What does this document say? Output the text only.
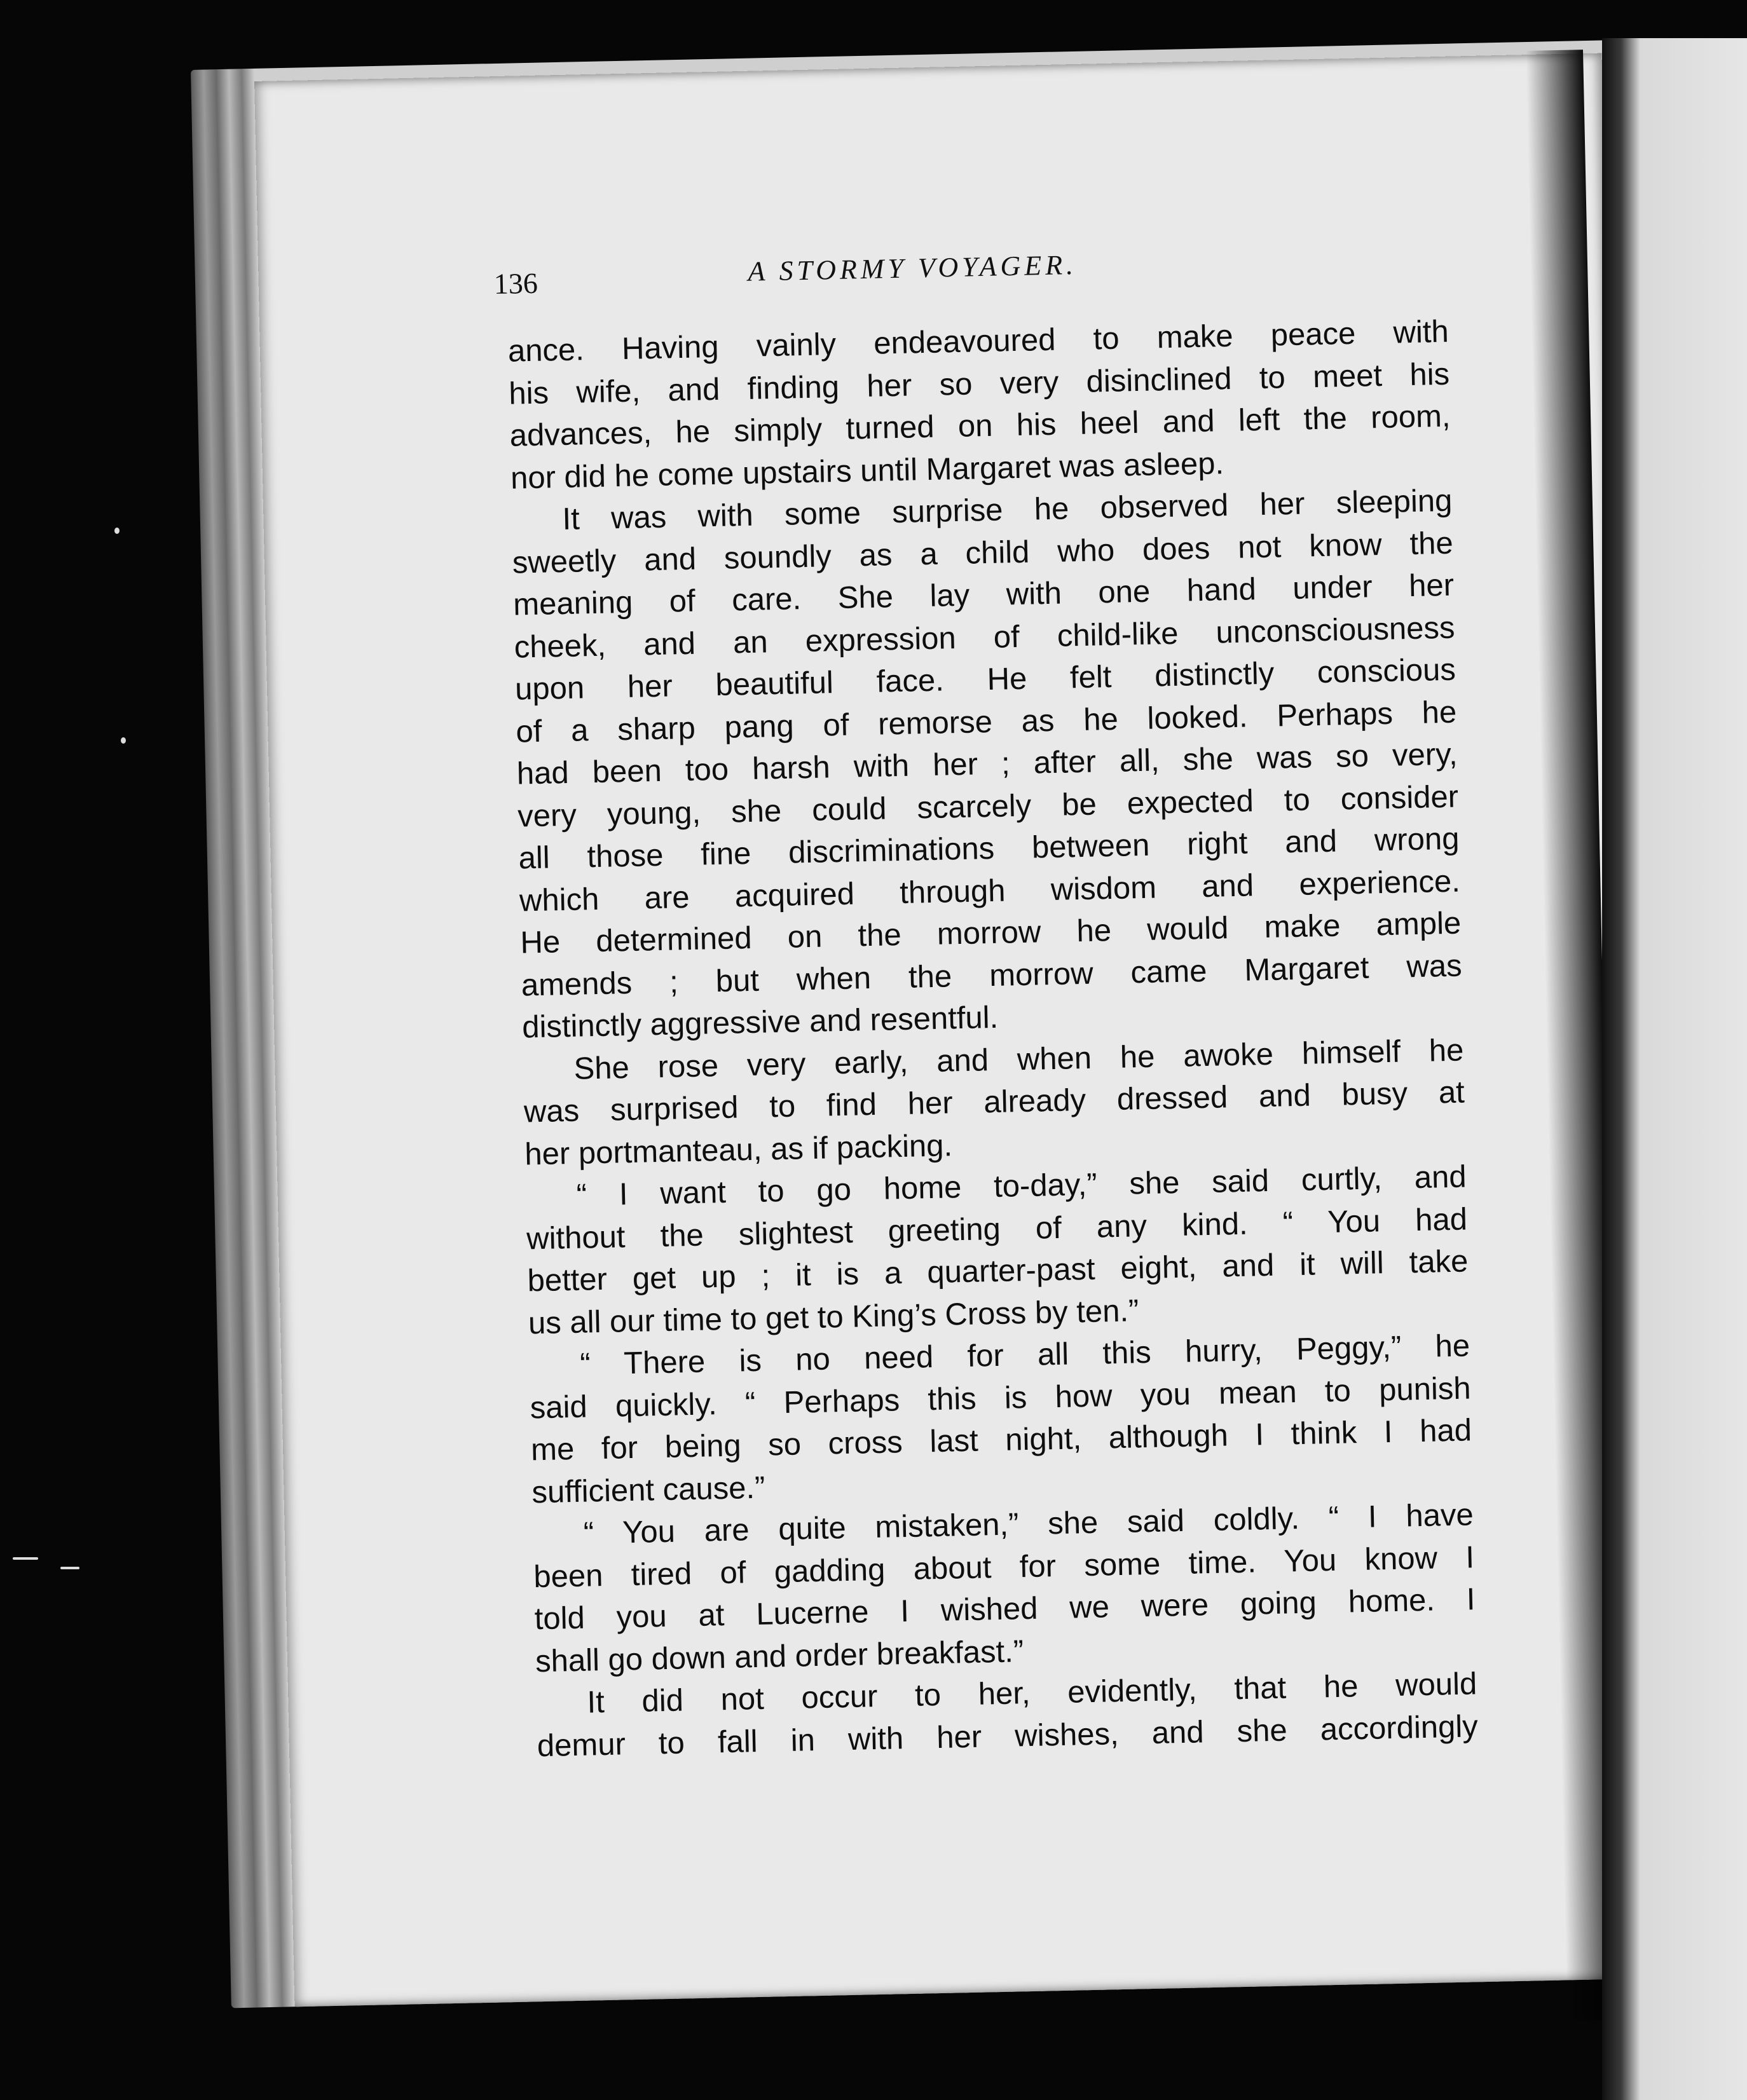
136	A STORMY VOYAGER.
ance. Having vainly endeavoured to make peace with
his wife, and finding her so very disinclined to meet his
advances, he simply turned on his heel and left the room,
nor did he come upstairs until Margaret was asleep.
It was with some surprise he observed her sleeping
sweetly and soundly as a child who does not know the
meaning of care. She lay with one hand under her
cheek, and an expression of child-like unconsciousness
upon her beautiful face. He felt distinctly conscious
of a sharp pang of remorse as he looked. Perhaps he
had been too harsh with her ; after all, she was so very,
very young, she could scarcely be expected to consider
all those fine discriminations between right and wrong
which are acquired through wisdom and experience.
He determined on the morrow he would make ample
amends ; but when the morrow came Margaret was
distinctly aggressive and resentful.
She rose very early, and when he awoke himself he
was surprised to find her already dressed and busy at
her portmanteau, as if packing.
“ I want to go home to-day,” she said curtly, and
without the slightest greeting of any kind. “ You had
better get up ; it is a quarter-past eight, and it will take
us all our time to get to King’s Cross by ten.”
“ There is no need for all this hurry, Peggy,” he
said quickly. “ Perhaps this is how you mean to punish
me for being so cross last night, although I think I had
sufficient cause.”
“ You are quite mistaken,” she said coldly. “ I have
been tired of gadding about for some time. You know I
told you at Lucerne I wished we were going home. I
shall go down and order breakfast.”
It did not occur to her, evidently, that he would
demur to fall in with her wishes, and she accordingly
